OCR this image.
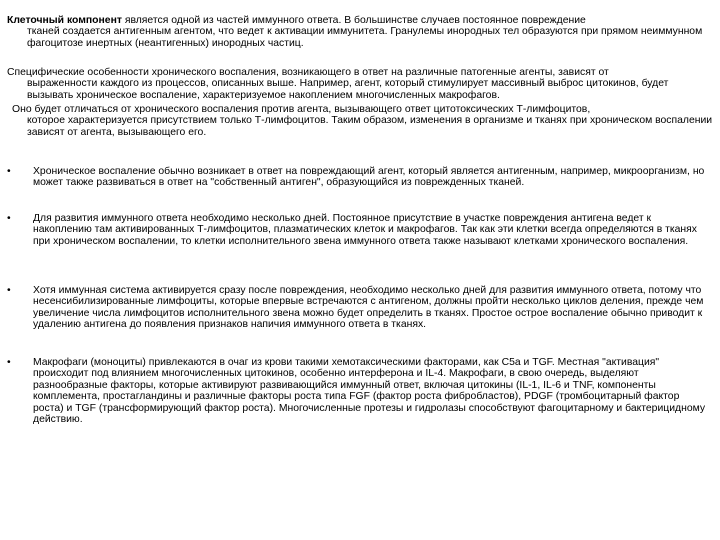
Клеточный компонент является одной из частей иммунного ответа. В большинстве случаев постоянное повреждение
тканей создается антигенным агентом, что ведет к активации иммунитета. Гранулемы инородных тел образуются при прямом неиммунном фагоцитозе инертных (неантигенных) инородных частиц.
Специфические особенности хронического воспаления, возникающего в ответ на различные патогенные агенты, зависят от
выраженности каждого из процессов, описанных выше. Например, агент, который стимулирует массивный выброс цитокинов, будет вызывать хроническое воспаление, характеризуемое накоплением многочисленных макрофагов.
Оно будет отличаться от хронического воспаления против агента, вызывающего ответ цитотоксических Т-лимфоцитов,
которое характеризуется присутствием только Т-лимфоцитов. Таким образом, изменения в организме и тканях при хроническом воспалении зависят от агента, вызывающего его.
•	Хроническое воспаление обычно возникает в ответ на повреждающий агент, который является антигенным, например, микроорганизм, но может также развиваться в ответ на "собственный антиген", образующийся из поврежденных тканей.
•	Для развития иммунного ответа необходимо несколько дней. Постоянное присутствие в участке повреждения антигена ведет к накоплению там активированных Т-лимфоцитов, плазматических клеток и макрофагов. Так как эти клетки всегда определяются в тканях при хроническом воспалении, то клетки исполнительного звена иммунного ответа также называют клетками хронического воспаления.
•	Хотя иммунная система активируется сразу после повреждения, необходимо несколько дней для развития иммунного ответа, потому что несенсибилизированные лимфоциты, которые впервые встречаются с антигеном, должны пройти несколько циклов деления, прежде чем увеличение числа лимфоцитов исполнительного звена можно будет определить в тканях. Простое острое воспаление обычно приводит к удалению антигена до появления признаков напичия иммунного ответа в тканях.
•	Макрофаги (моноциты) привлекаются в очаг из крови такими хемотаксическими факторами, как С5а и TGF. Местная "активация" происходит под влиянием многочисленных цитокинов, особенно интерферона и IL-4. Макрофаги, в свою очередь, выделяют разнообразные факторы, которые активируют развивающийся иммунный ответ, включая цитокины (IL-1, IL-6 и TNF, компоненты комплемента, простагландины и различные факторы роста типа FGF (фактор роста фибробластов), PDGF (тромбоцитарный фактор роста) и TGF (трансформирующий фактор роста). Многочисленные протезы и гидролазы способствуют фагоцитарному и бактерицидному действию.
